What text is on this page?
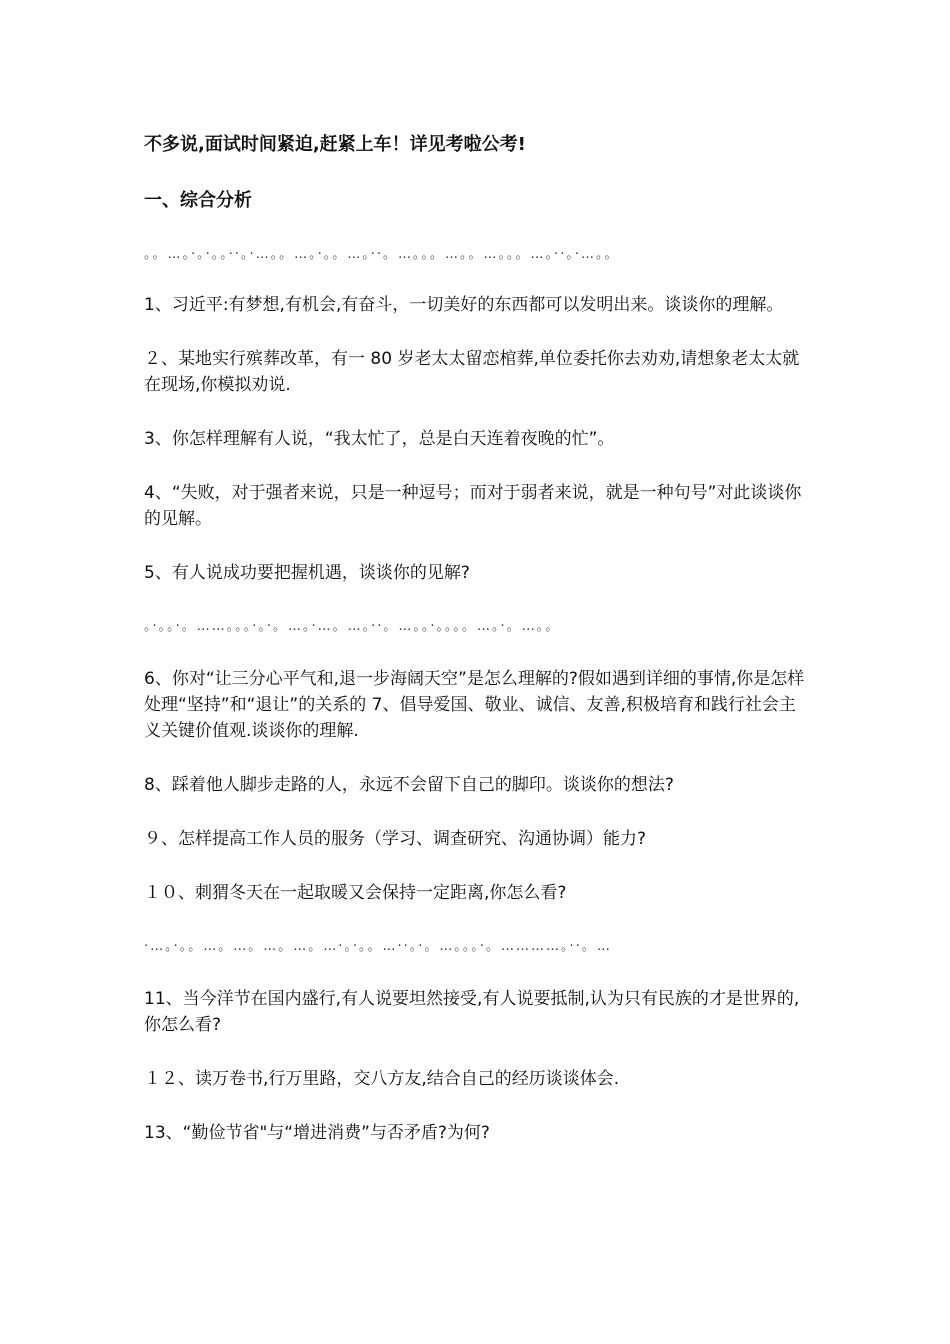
不多说,面试时间紧迫,赶紧上车！详见考啦公考!

一、综合分析

。。…。·。·。。··。·…。。…。·。。…。··。…。。。…。。…。。。…。··。·…。。

1、习近平:有梦想,有机会,有奋斗，一切美好的东西都可以发明出来。谈谈你的理解。

２、某地实行殡葬改革，有一 80 岁老太太留恋棺葬,单位委托你去劝劝,请想象老太太就在现场,你模拟劝说.

3、你怎样理解有人说，“我太忙了，总是白天连着夜晚的忙”。

4、“失败，对于强者来说，只是一种逗号；而对于弱者来说，就是一种句号”对此谈谈你的见解。

5、有人说成功要把握机遇，谈谈你的见解?

。·。。·。……。。。·。·。…。·…。…。··。…。。·。。。。…。·。…。。

6、你对“让三分心平气和,退一步海阔天空”是怎么理解的?假如遇到详细的事情,你是怎样处理“坚持”和“退让”的关系的 7、倡导爱国、敬业、诚信、友善,积极培育和践行社会主义关键价值观.谈谈你的理解.

8、踩着他人脚步走路的人，永远不会留下自己的脚印。谈谈你的想法?

９、怎样提高工作人员的服务（学习、调查研究、沟通协调）能力?

１０、刺猬冬天在一起取暖又会保持一定距离,你怎么看?

·…。·。。…。…。…。…。…·。·。。…··。·。…。。。·。…………。··。…

11、当今洋节在国内盛行,有人说要坦然接受,有人说要抵制,认为只有民族的才是世界的,你怎么看?

１２、读万卷书,行万里路，交八方友,结合自己的经历谈谈体会.

13、“勤俭节省"与“增进消费”与否矛盾?为何?
